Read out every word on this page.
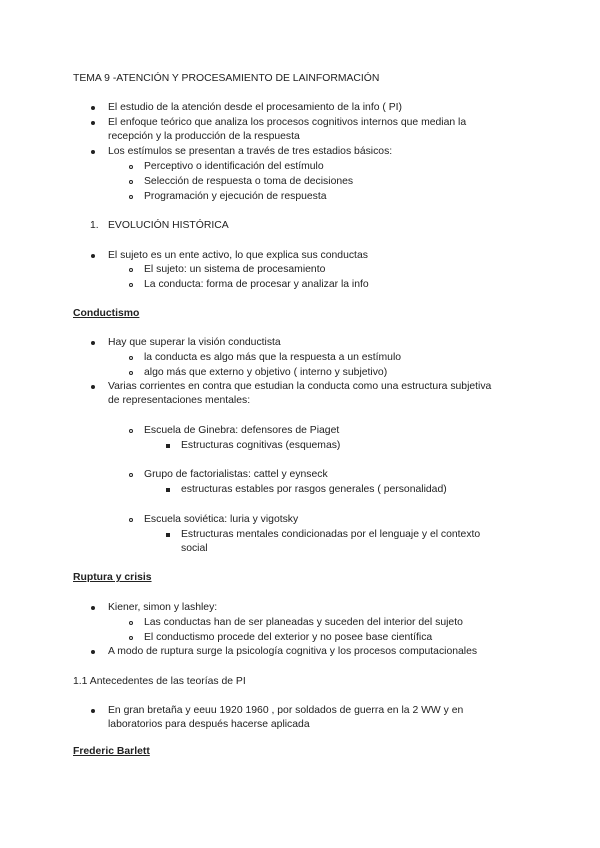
TEMA 9 -ATENCIÓN Y PROCESAMIENTO DE LAINFORMACIÓN
El estudio de la atención desde el procesamiento de la info ( PI)
El enfoque teórico que analiza los procesos cognitivos internos que median la
recepción y la producción de la respuesta
Los estímulos se presentan a través de tres estadios básicos:
Perceptivo o identificación del estímulo
Selección de respuesta o toma de decisiones
Programación y ejecución de respuesta
1. EVOLUCIÓN HISTÓRICA
El sujeto es un ente activo, lo que explica sus conductas
El sujeto: un sistema de procesamiento
La conducta: forma de procesar y analizar la info
Conductismo
Hay que superar la visión conductista
la conducta es algo más que la respuesta a un estímulo
algo más que externo y objetivo ( interno y subjetivo)
Varias corrientes en contra que estudian la conducta como una estructura subjetiva
de representaciones mentales:
Escuela de Ginebra: defensores de Piaget
Estructuras cognitivas (esquemas)
Grupo de factorialistas: cattel y eynseck
estructuras estables por rasgos generales ( personalidad)
Escuela soviética: luria y vigotsky
Estructuras mentales condicionadas por el lenguaje y el contexto
social
Ruptura y crisis
Kiener, simon y lashley:
Las conductas han de ser planeadas y suceden del interior del sujeto
El conductismo procede del exterior y no posee base científica
A modo de ruptura surge la psicología cognitiva y los procesos computacionales
1.1 Antecedentes de las teorías de PI
En gran bretaña y eeuu 1920 1960 , por soldados de guerra en la 2 WW y en
laboratorios para después hacerse aplicada
Frederic Barlett
